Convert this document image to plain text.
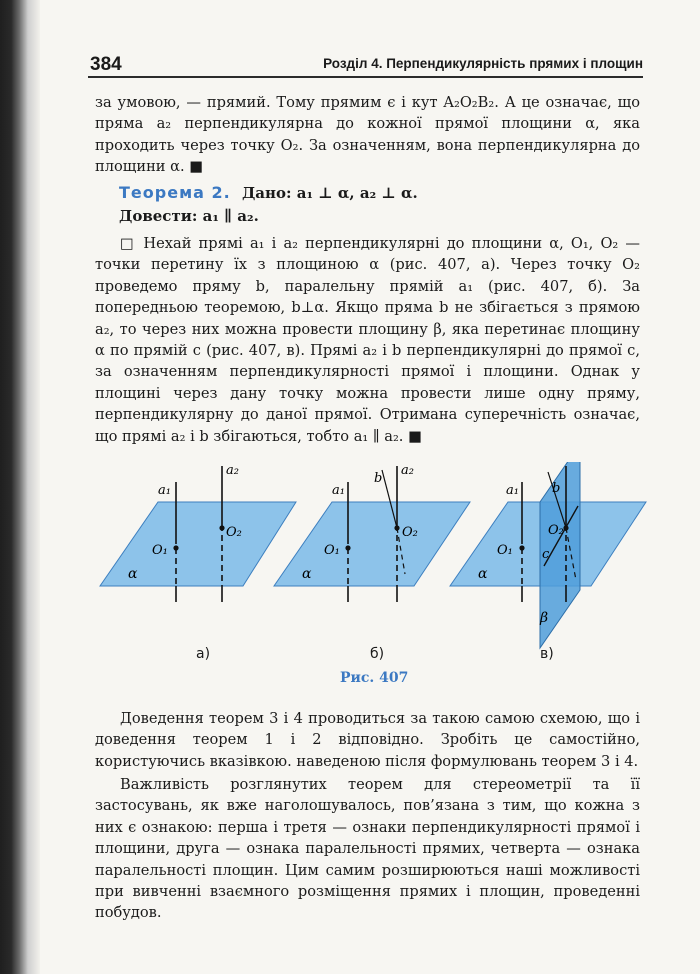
384	Розділ 4. Перпендикулярність прямих і площин

за умовою, — прямий. Тому прямим є і кут A₂O₂B₂. А це означає, що пряма a₂ перпендикулярна до кожної прямої площини α, яка проходить через точку O₂. За означенням, вона перпендикулярна до площини α. ■

Теорема 2. Дано: a₁ ⊥ α, a₂ ⊥ α.
Довести: a₁ ∥ a₂.

□ Нехай прямі a₁ і a₂ перпендикулярні до площини α, O₁, O₂ — точки перетину їх з площиною α (рис. 407, а). Через точку O₂ проведемо пряму b, паралельну прямій a₁ (рис. 407, б). За попередньою теоремою, b⊥α. Якщо пряма b не збігається з прямою a₂, то через них можна провести площину β, яка перетинає площину α по прямій c (рис. 407, в). Прямі a₂ і b перпендикулярні до прямої c, за означенням перпендикулярності прямої і площини. Однак у площині через дану точку можна провести лише одну пряму, перпендикулярну до даної прямої. Отримана суперечність означає, що прямі a₂ і b збігаються, тобто a₁ ∥ a₂. ■

a₁
a₂
O₁
O₂
α
a₁
a₂
b
O₁
O₂
α
a₁	b
c
O₁
O₂
α
β
а)	б)	в)
Рис. 407

Доведення теорем 3 і 4 проводиться за такою самою схемою, що і доведення теорем 1 і 2 відповідно. Зробіть це самостійно, користуючись вказівкою. наведеною після формулювань теорем 3 і 4.

Важливість розглянутих теорем для стереометрії та її застосувань, як вже наголошувалось, пов’язана з тим, що кожна з них є ознакою: перша і третя — ознаки перпендикулярності прямої і площини, друга — ознака паралельності прямих, четверта — ознака паралельності площин. Цим самим розширюються наші можливості при вивченні взаємного розміщення прямих і площин, проведенні побудов.
